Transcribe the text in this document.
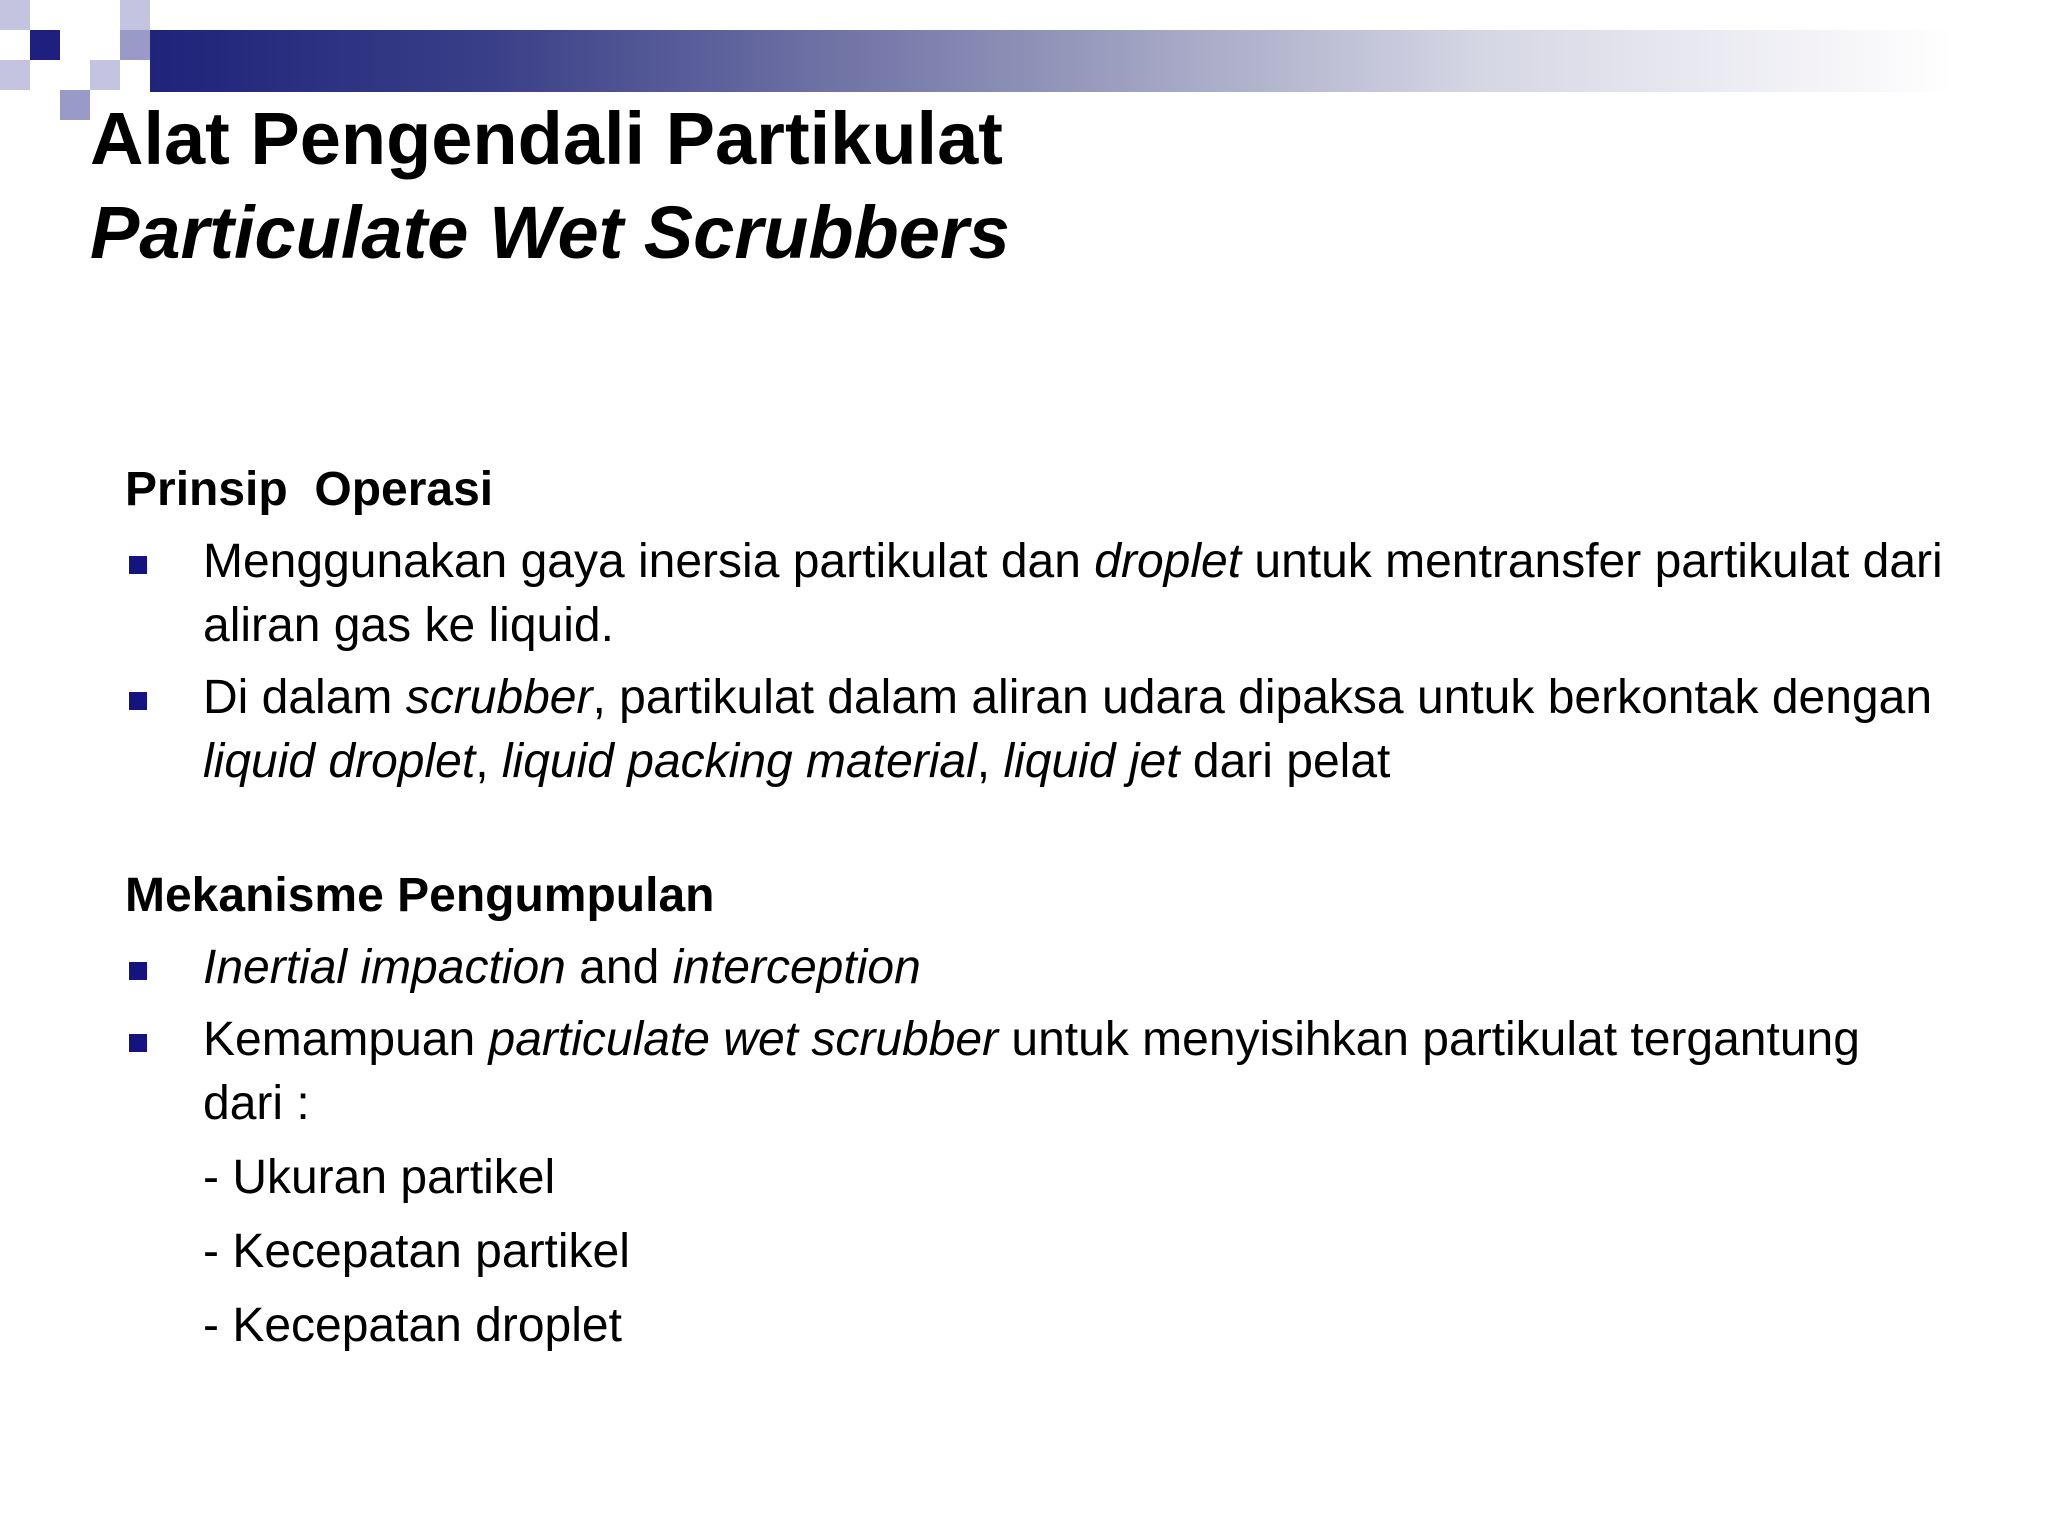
Alat Pengendali Partikulat
Particulate Wet Scrubbers

Prinsip  Operasi

Menggunakan gaya inersia partikulat dan droplet untuk mentransfer partikulat dari aliran gas ke liquid.
Di dalam scrubber, partikulat dalam aliran udara dipaksa untuk berkontak dengan liquid droplet, liquid packing material, liquid jet dari pelat

Mekanisme Pengumpulan

Inertial impaction and interception
Kemampuan particulate wet scrubber untuk menyisihkan partikulat tergantung dari :
- Ukuran partikel
- Kecepatan partikel
- Kecepatan droplet
